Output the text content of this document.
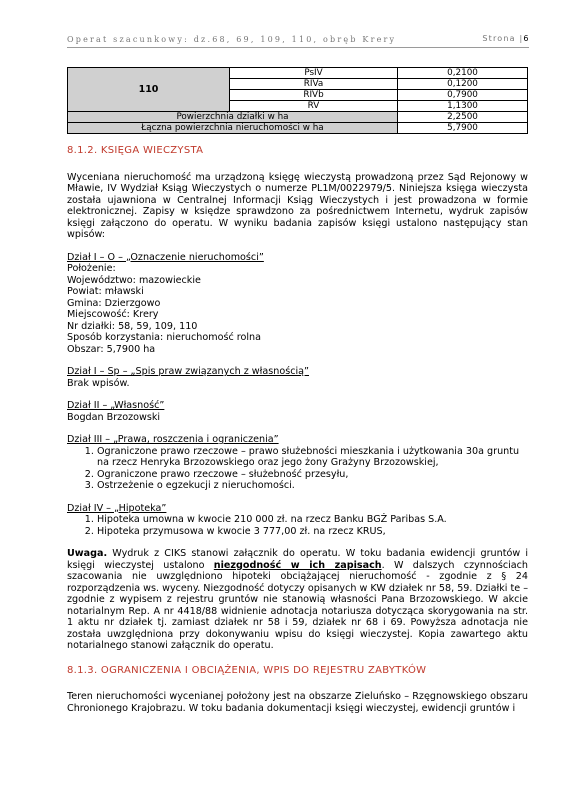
Operat szacunkowy: dz.68, 69, 109, 110, obręb Krery	Strona |6
110	PsIV	0,2100
	RIVa	0,1200
	RIVb	0,7900
	RV	1,1300
Powierzchnia działki w ha		2,2500
Łączna powierzchnia nieruchomości w ha		5,7900

8.1.2. KSIĘGA WIECZYSTA

Wyceniana nieruchomość ma urządzoną księgę wieczystą prowadzoną przez Sąd Rejonowy w Mławie, IV Wydział Ksiąg Wieczystych o numerze PL1M/0022979/5. Niniejsza księga wieczysta została ujawniona w Centralnej Informacji Ksiąg Wieczystych i jest prowadzona w formie elektronicznej. Zapisy w księdze sprawdzono za pośrednictwem Internetu, wydruk zapisów księgi załączono do operatu. W wyniku badania zapisów księgi ustalono następujący stan wpisów:

Dział I – O – „Oznaczenie nieruchomości”

Położenie:

Województwo: mazowieckie

Powiat: mławski

Gmina: Dzierzgowo

Miejscowość: Krery

Nr działki: 58, 59, 109, 110

Sposób korzystania: nieruchomość rolna

Obszar: 5,7900 ha

Dział I – Sp – „Spis praw związanych z własnością”

Brak wpisów.

Dział II – „Własność”

Bogdan Brzozowski

Dział III – „Prawa, roszczenia i ograniczenia”

1. Ograniczone prawo rzeczowe – prawo służebności mieszkania i użytkowania 30a gruntu na rzecz Henryka Brzozowskiego oraz jego żony Grażyny Brzozowskiej,
2. Ograniczone prawo rzeczowe – służebność przesyłu,
3. Ostrzeżenie o egzekucji z nieruchomości.

Dział IV – „Hipoteka”

1. Hipoteka umowna w kwocie 210 000 zł. na rzecz Banku BGŻ Paribas S.A.
2. Hipoteka przymusowa w kwocie 3 777,00 zł. na rzecz KRUS,

Uwaga. Wydruk z CIKS stanowi załącznik do operatu. W toku badania ewidencji gruntów i księgi wieczystej ustalono niezgodność w ich zapisach. W dalszych czynnościach szacowania nie uwzględniono hipoteki obciążającej nieruchomość - zgodnie z § 24 rozporządzenia ws. wyceny. Niezgodność dotyczy opisanych w KW działek nr 58, 59. Działki te – zgodnie z wypisem z rejestru gruntów nie stanowią własności Pana Brzozowskiego. W akcie notarialnym Rep. A nr 4418/88 widnienie adnotacja notariusza dotycząca skorygowania na str. 1 aktu nr działek tj. zamiast działek nr 58 i 59, działek nr 68 i 69. Powyższa adnotacja nie została uwzględniona przy dokonywaniu wpisu do księgi wieczystej. Kopia zawartego aktu notarialnego stanowi załącznik do operatu.

8.1.3. OGRANICZENIA I OBCIĄŻENIA, WPIS DO REJESTRU ZABYTKÓW

Teren nieruchomości wycenianej położony jest na obszarze Zieluńsko – Rzęgnowskiego obszaru Chronionego Krajobrazu. W toku badania dokumentacji księgi wieczystej, ewidencji gruntów i
